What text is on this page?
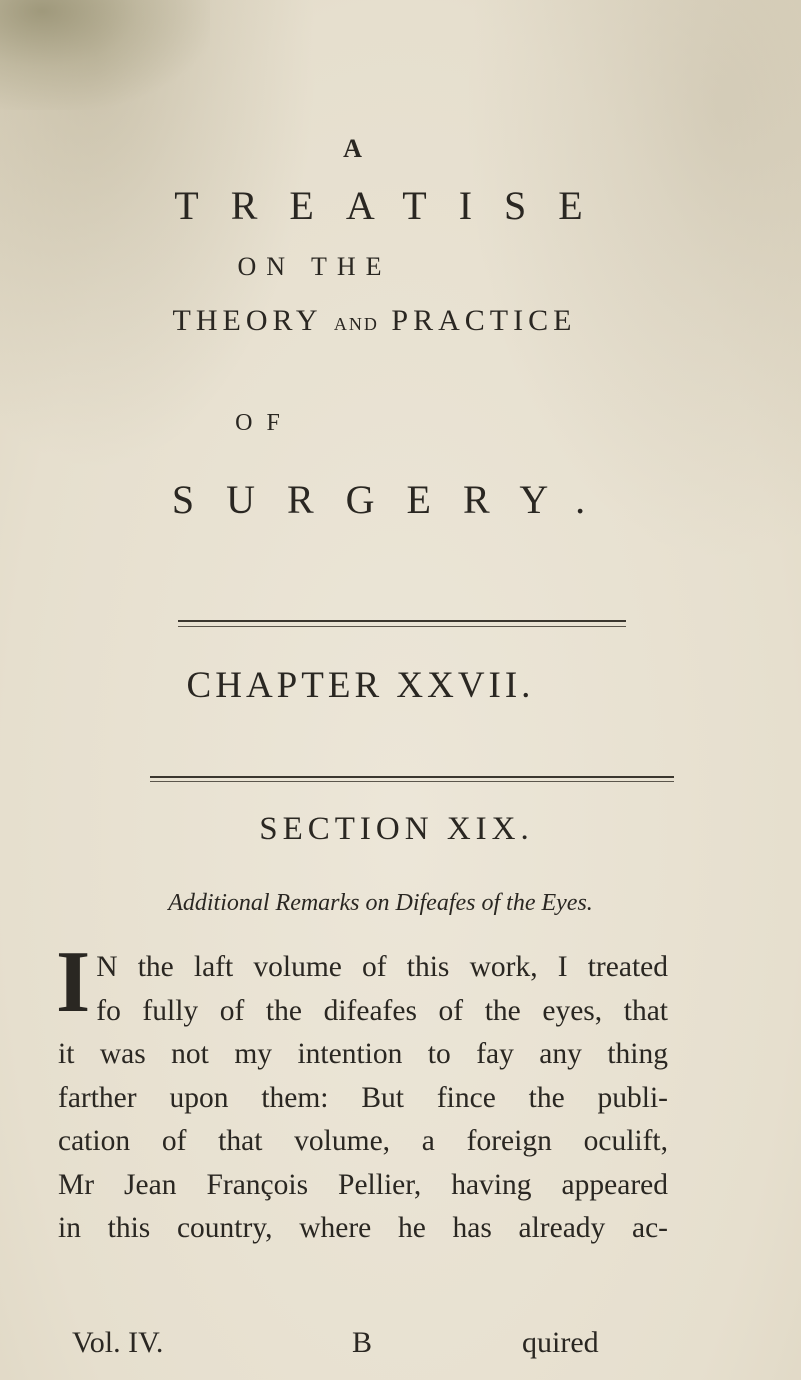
A
TREATISE
ON THE
THEORY AND PRACTICE
OF
SURGERY.
CHAPTER XXVII.
SECTION XIX.
Additional Remarks on Difeafes of the Eyes.
I N the laft volume of this work, I treated
fo fully of the difeafes of the eyes, that
it was not my intention to fay any thing
farther upon them: But fince the publi-
cation of that volume, a foreign oculift,
Mr Jean François Pellier, having appeared
in this country, where he has already ac-
Vol. IV.	B	quired
